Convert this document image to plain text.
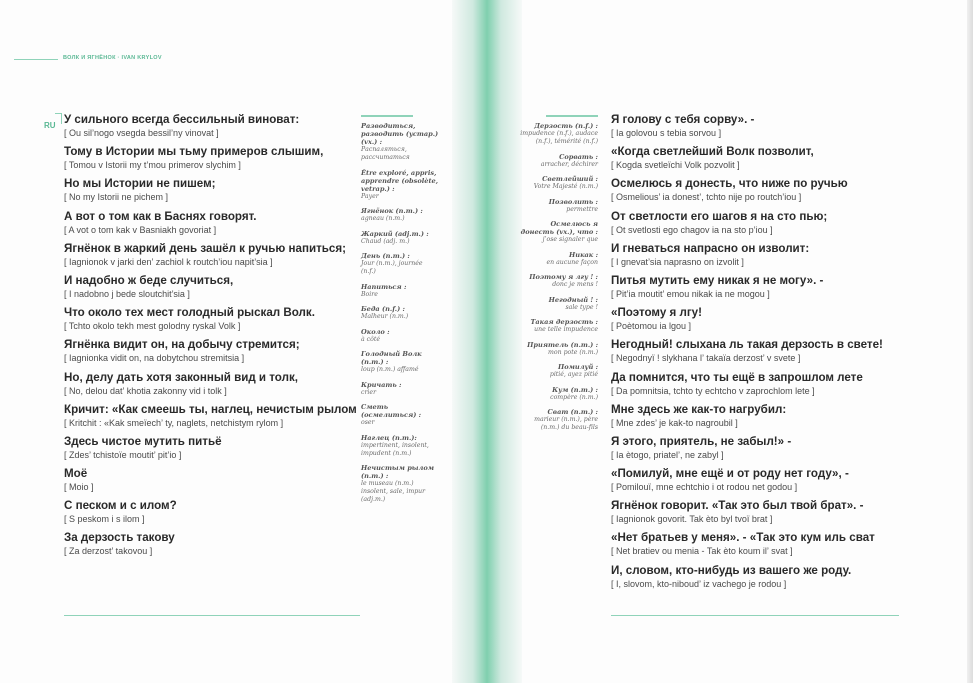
ВОЛК И ЯГНЁНОК · IVAN KRYLOV
RU У сильного всегда бессильный виноват:
[ Ou sil’nogo vsegda bessil’ny vinovat ]
Тому в Истории мы тьму примеров слышим,
[ Tomou v Istorii my t’mou primerov slychim ]
Но мы Истории не пишем;
[ No my Istorii ne pichem ]
А вот о том как в Баснях говорят.
[ A vot o tom kak v Basniakh govoriat ]
Ягнёнок в жаркий день зашёл к ручью напиться;
[ Iagnionok v jarki den’ zachiol k routch’iou napit’sia ]
И надобно ж беде случиться,
[ I nadobno j bede sloutchit’sia ]
Что около тех мест голодный рыскал Волк.
[ Tchto okolo tekh mest golodny ryskal Volk ]
Ягнёнка видит он, на добычу стремится;
[ Iagnionka vidit on, na dobytchou stremitsia ]
Но, делу дать хотя законный вид и толк,
[ No, delou dat’ khotia zakonny vid i tolk ]
Кричит: «Как смеешь ты, наглец, нечистым рылом
[ Kritchit : «Kak smeïech’ ty, naglets, netchistym rylom ]
Здесь чистое мутить питьё
[ Zdes’ tchistoïe moutit’ pit’io ]
Моё
[ Moio ]
С песком и с илом?
[ S peskom i s ilom ]
За дерзость такову
[ Za derzost’ takovou ]
Я голову с тебя сорву». -
[ Ia golovou s tebia sorvou ]
«Когда светлейший Волк позволит,
[ Kogda svetleïchi Volk pozvolit ]
Осмелюсь я донесть, что ниже по ручью
[ Osmelious’ ia donest’, tchto nije po routch’iou ]
От светлости его шагов я на сто пью;
[ Ot svetlosti ego chagov ia na sto p’iou ]
И гневаться напрасно он изволит:
[ I gnevat’sia naprasno on izvolit ]
Питья мутить ему никак я не могу». -
[ Pit’ia moutit’ emou nikak ia ne mogou ]
«Поэтому я лгу!
[ Poètomou ia lgou ]
Негодный! слыхана ль такая дерзость в свете!
[ Negodnyï ! slykhana l’ takaïa derzost’ v svete ]
Да помнится, что ты ещё в запрошлом лете
[ Da pomnitsia, tchto ty echtcho v zaprochlom lete ]
Мне здесь же как-то нагрубил:
[ Mne zdes’ je kak-to nagroubil ]
Я этого, приятель, не забыл!» -
[ Ia ètogo, priatel’, ne zabyl ]
«Помилуй, мне ещё и от роду нет году», -
[ Pomilouï, mne echtchio i ot rodou net godou ]
Ягнёнок говорит. «Так это был твой брат». -
[ Iagnionok govorit. Tak èto byl tvoï brat ]
«Нет братьев у меня». - «Так это кум иль сват
[ Net bratiev ou menia - Tak èto koum il’ svat ]
И, словом, кто-нибудь из вашего же роду.
[ I, slovom, kto-niboud’ iz vachego je rodou ]
Разводиться, разводить (устар.) (vx.) :
Распаляться, рассчитаться
Être exploré, appris, apprendre (obsolète, vetrap.) :
Payer
Ягнёнок (n.m.) :
agneau (n.m.)
Жаркий (adj.m.) :
Chaud (adj. m.)
День (n.m.) :
Jour (n.m.), journée (n.f.)
Напиться :
Boire
Беда (n.f.) :
Malheur (n.m.)
Около :
à côté
Голодный Волк (n.m.) :
loup (n.m.) affamé
Кричать :
crier
Сметь (осмелиться) :
oser
Наглец (n.m.):
impertinent, insolent, impudent (n.m.)
Нечистым рылом (n.m.) :
le museau (n.m.) insolent, sale, impur (adj.m.)
Дерзость (n.f.) :
impudence (n.f.), audace (n.f.), témérité (n.f.)
Сорвать :
arracher, déchirer
Светлейший :
Votre Majesté (n.m.)
Позволить :
permettre
Осмелюсь я донесть (vx.), что :
j’ose signaler que
Никак :
en aucune façon
Поэтому я лгу ! :
donc je mens !
Негодный ! :
sale type !
Такая дерзость :
une telle impudence
Приятель (n.m.) :
mon pote (n.m.)
Помилуй :
pitié, ayez pitié
Кум (n.m.) :
compère (n.m.)
Сват (n.m.) :
marieur (n.m.), père (n.m.) du beau-fils
